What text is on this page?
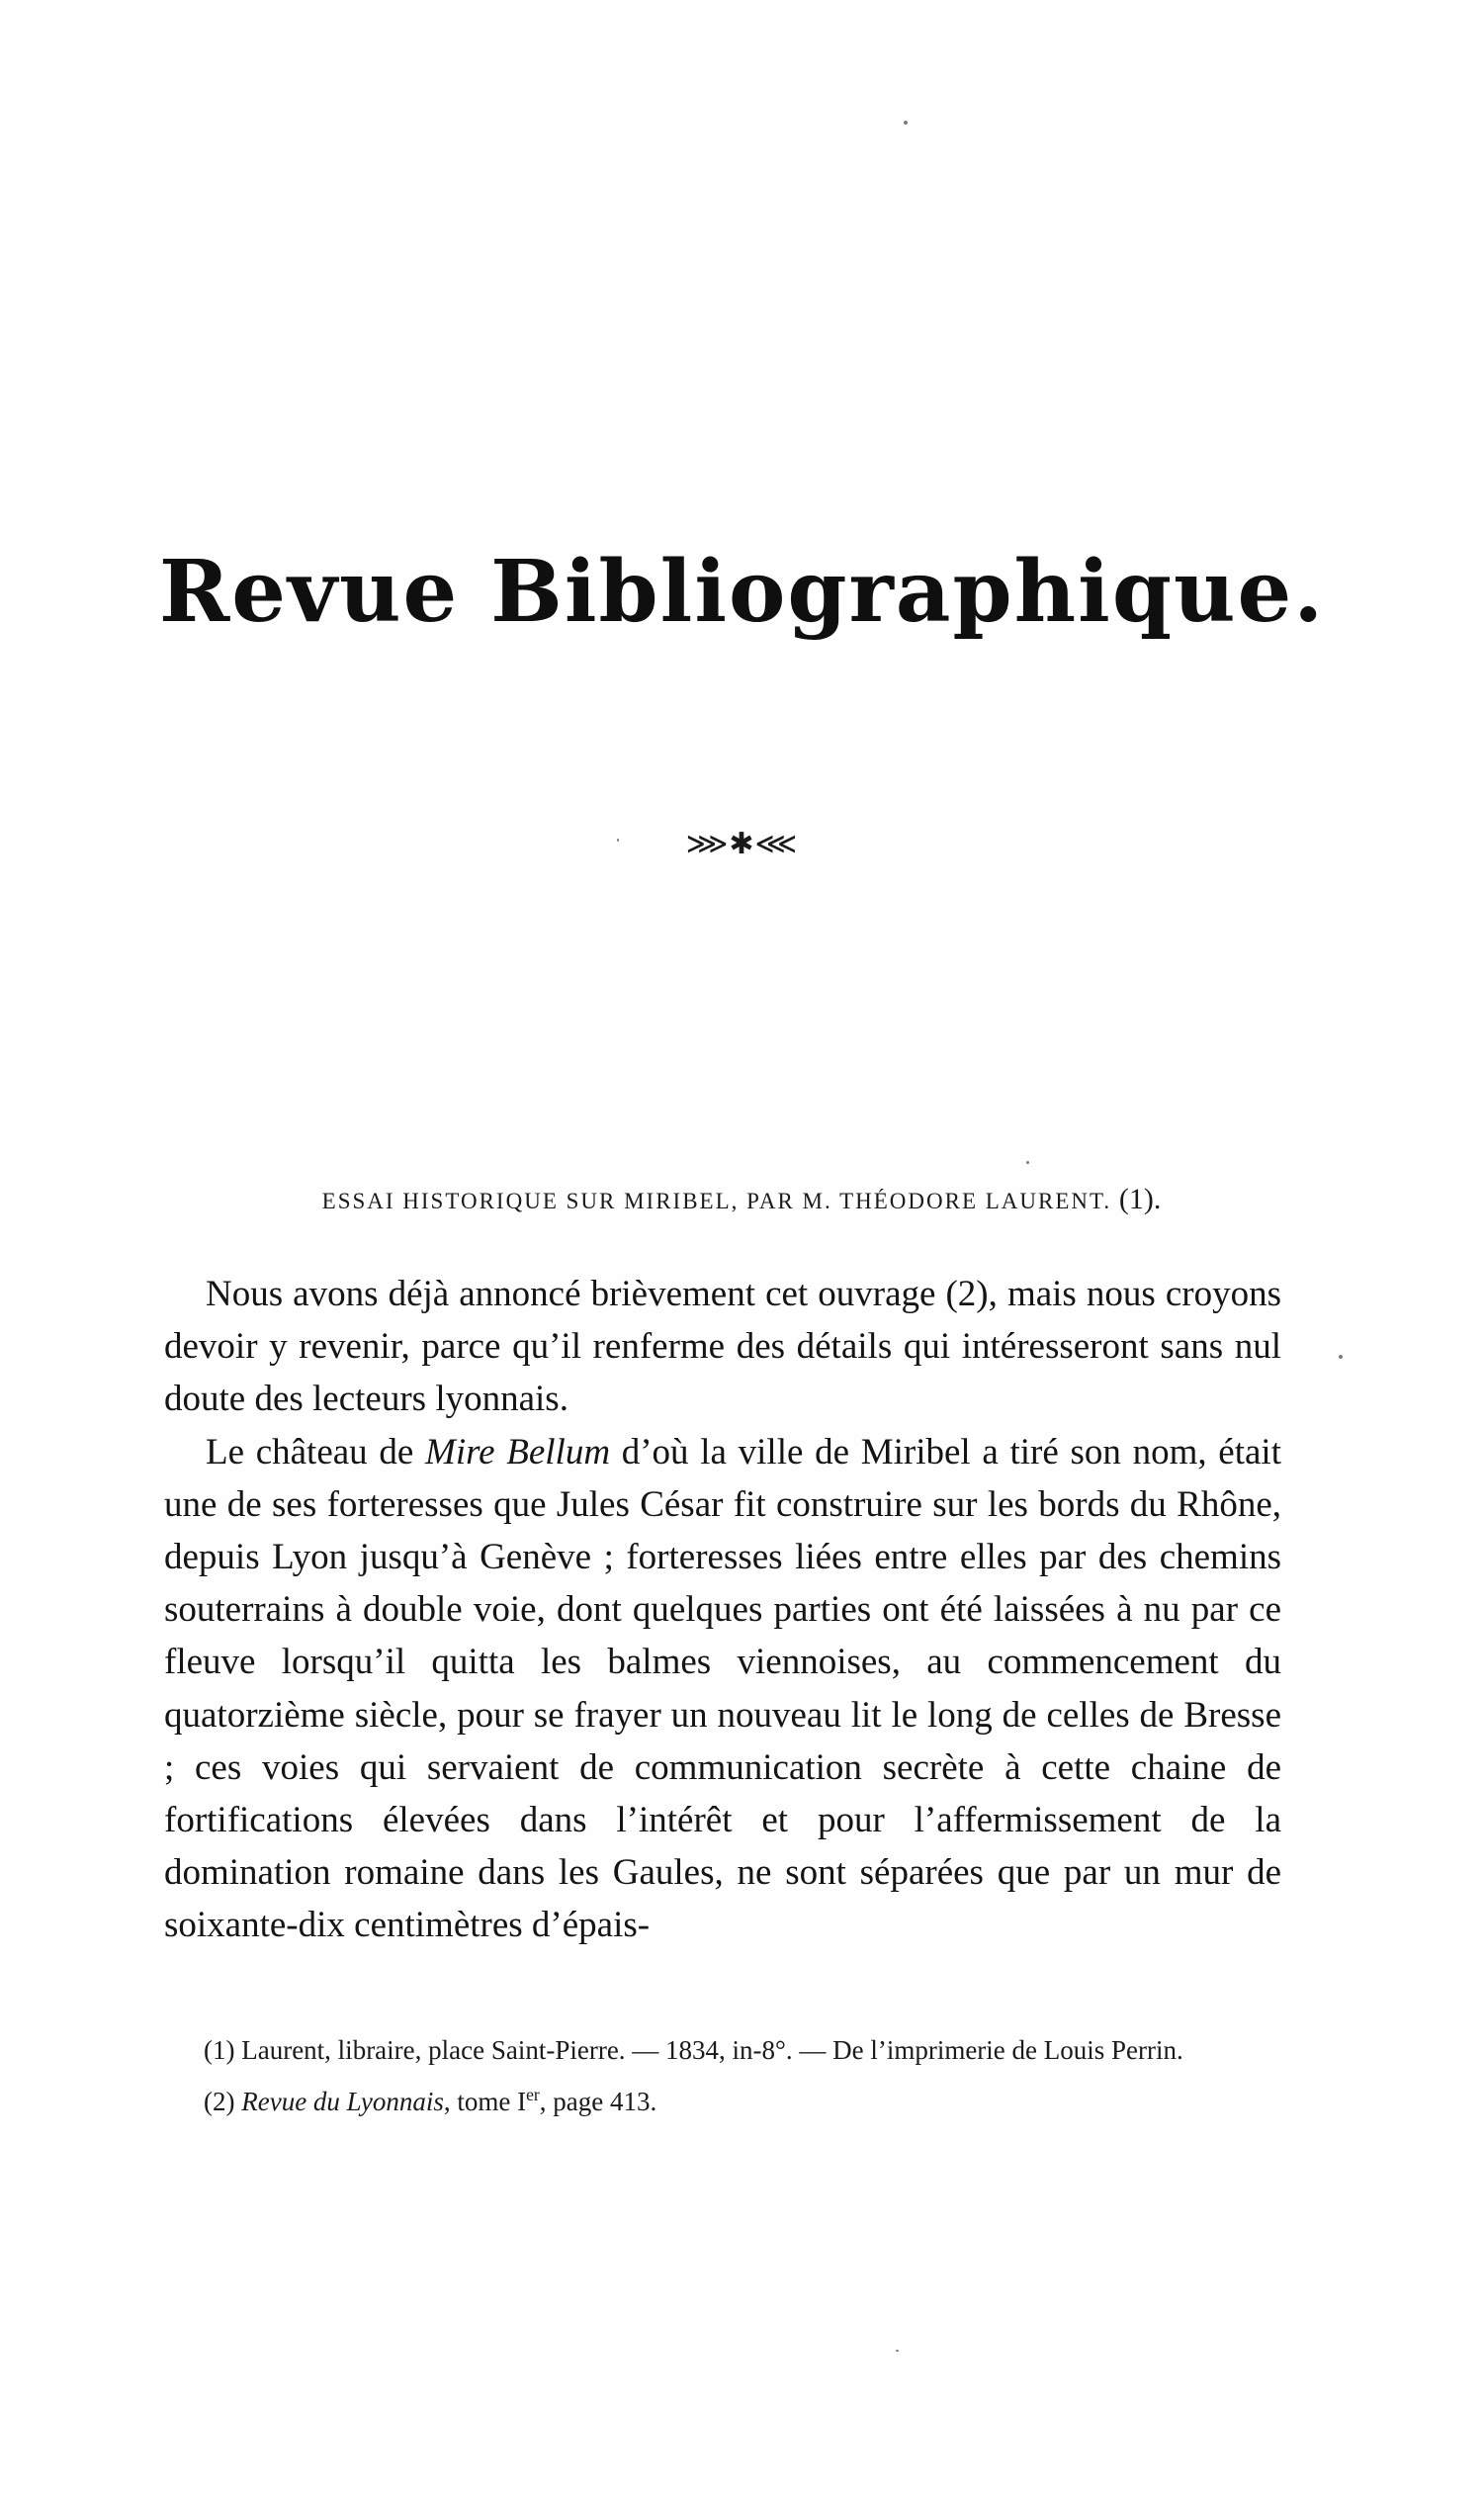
Revue Bibliographique.
⋙✱⋘
ESSAI HISTORIQUE SUR MIRIBEL, PAR M. THÉODORE LAURENT. (1).

Nous avons déjà annoncé brièvement cet ouvrage (2), mais nous croyons devoir y revenir, parce qu’il renferme des détails qui intéresseront sans nul doute des lecteurs lyonnais.

Le château de Mire Bellum d’où la ville de Miribel a tiré son nom, était une de ses forteresses que Jules César fit construire sur les bords du Rhône, depuis Lyon jusqu’à Genève ; forteresses liées entre elles par des chemins souterrains à double voie, dont quelques parties ont été laissées à nu par ce fleuve lorsqu’il quitta les balmes viennoises, au commencement du quatorzième siècle, pour se frayer un nouveau lit le long de celles de Bresse ; ces voies qui servaient de communication secrète à cette chaine de fortifications élevées dans l’intérêt et pour l’affermissement de la domination romaine dans les Gaules, ne sont séparées que par un mur de soixante-dix centimètres d’épais-

(1) Laurent, libraire, place Saint-Pierre. — 1834, in-8°. — De l’imprimerie de Louis Perrin.

(2) Revue du Lyonnais, tome Ier, page 413.
